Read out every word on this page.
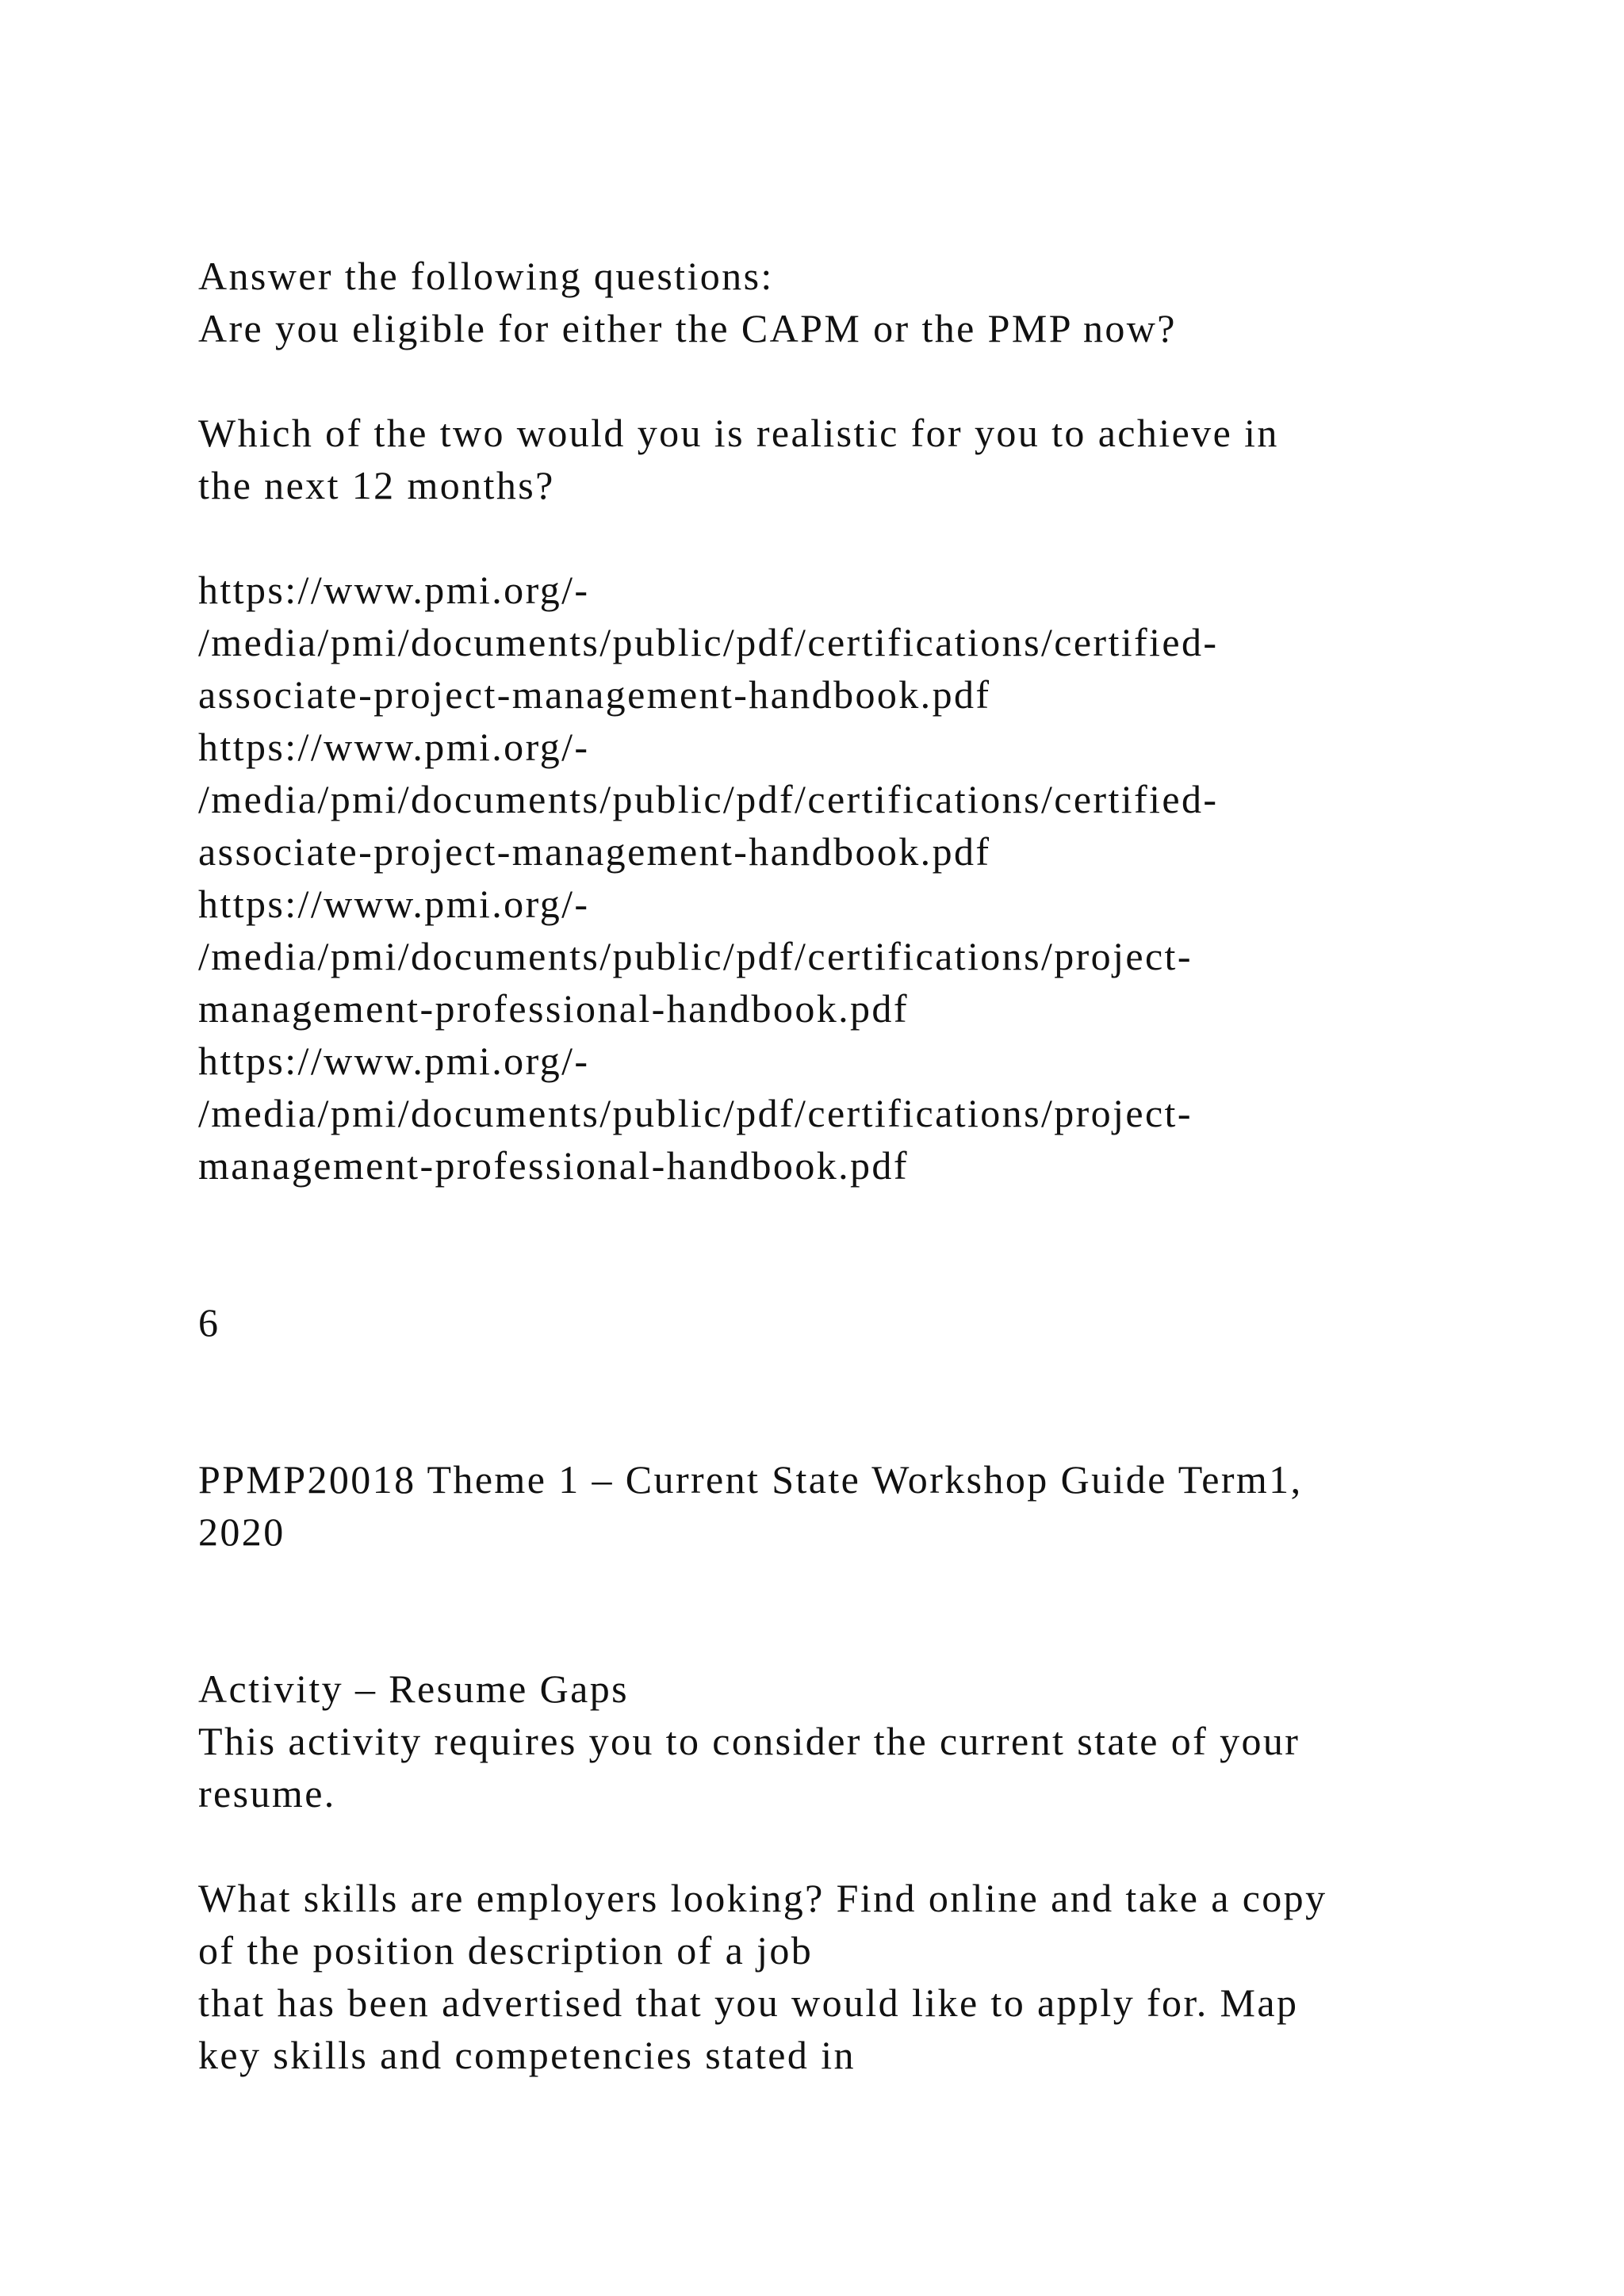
Answer the following questions:
Are you eligible for either the CAPM or the PMP now?
Which of the two would you is realistic for you to achieve in
the next 12 months?
https://www.pmi.org/-
/media/pmi/documents/public/pdf/certifications/certified-
associate-project-management-handbook.pdf
https://www.pmi.org/-
/media/pmi/documents/public/pdf/certifications/certified-
associate-project-management-handbook.pdf
https://www.pmi.org/-
/media/pmi/documents/public/pdf/certifications/project-
management-professional-handbook.pdf
https://www.pmi.org/-
/media/pmi/documents/public/pdf/certifications/project-
management-professional-handbook.pdf
6
PPMP20018 Theme 1 – Current State Workshop Guide Term1,
2020
Activity – Resume Gaps
This activity requires you to consider the current state of your
resume.
What skills are employers looking? Find online and take a copy
of the position description of a job
that has been advertised that you would like to apply for. Map
key skills and competencies stated in
